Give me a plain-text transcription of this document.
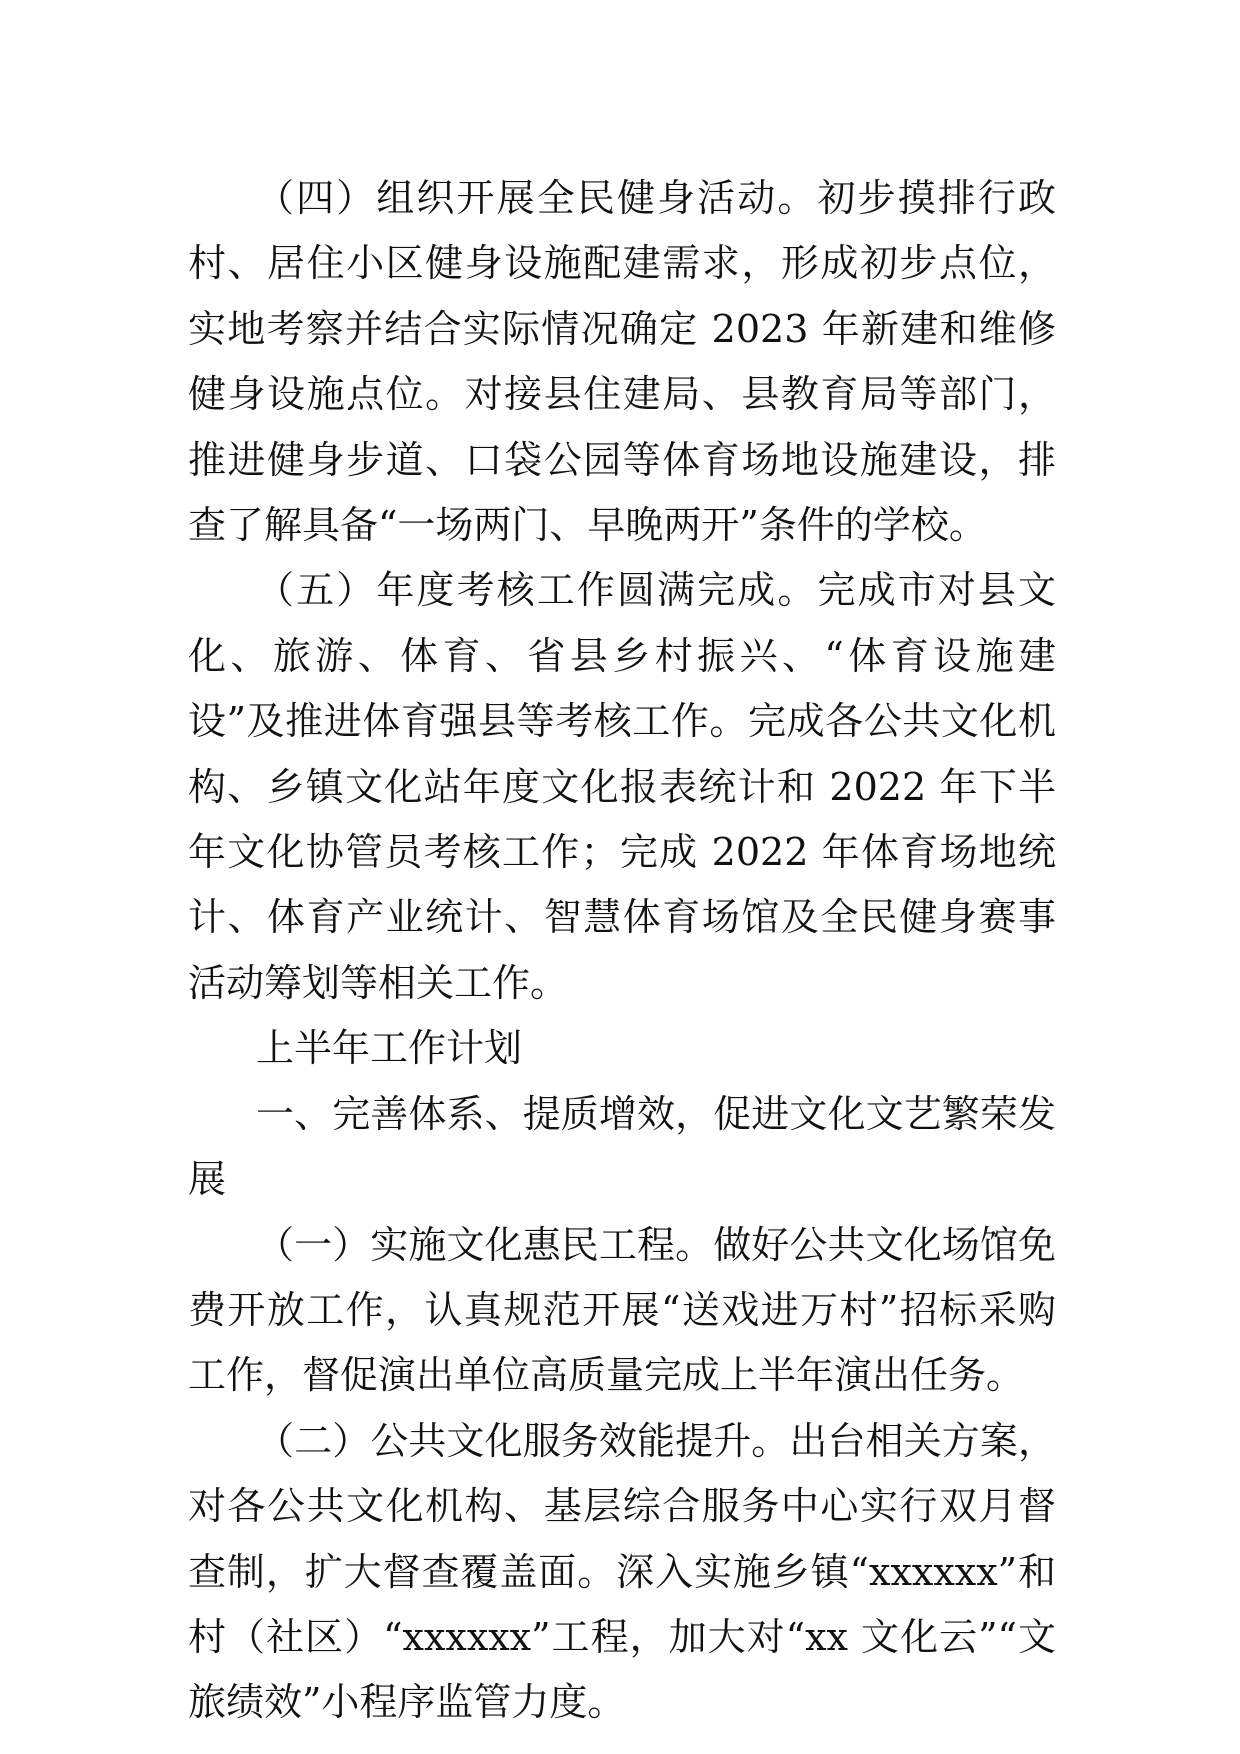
（四）组织开展全民健身活动。初步摸排行政村、居住小区健身设施配建需求，形成初步点位，实地考察并结合实际情况确定 2023 年新建和维修健身设施点位。对接县住建局、县教育局等部门，推进健身步道、口袋公园等体育场地设施建设，排查了解具备“一场两门、早晚两开”条件的学校。

（五）年度考核工作圆满完成。完成市对县文化、旅游、体育、省县乡村振兴、“体育设施建设”及推进体育强县等考核工作。完成各公共文化机构、乡镇文化站年度文化报表统计和 2022 年下半年文化协管员考核工作；完成 2022 年体育场地统计、体育产业统计、智慧体育场馆及全民健身赛事活动筹划等相关工作。

上半年工作计划

一、完善体系、提质增效，促进文化文艺繁荣发展

（一）实施文化惠民工程。做好公共文化场馆免费开放工作，认真规范开展“送戏进万村”招标采购工作，督促演出单位高质量完成上半年演出任务。

（二）公共文化服务效能提升。出台相关方案，对各公共文化机构、基层综合服务中心实行双月督查制，扩大督查覆盖面。深入实施乡镇“xxxxxx”和村（社区）“xxxxxx”工程，加大对“xx 文化云”“文旅绩效”小程序监管力度。
